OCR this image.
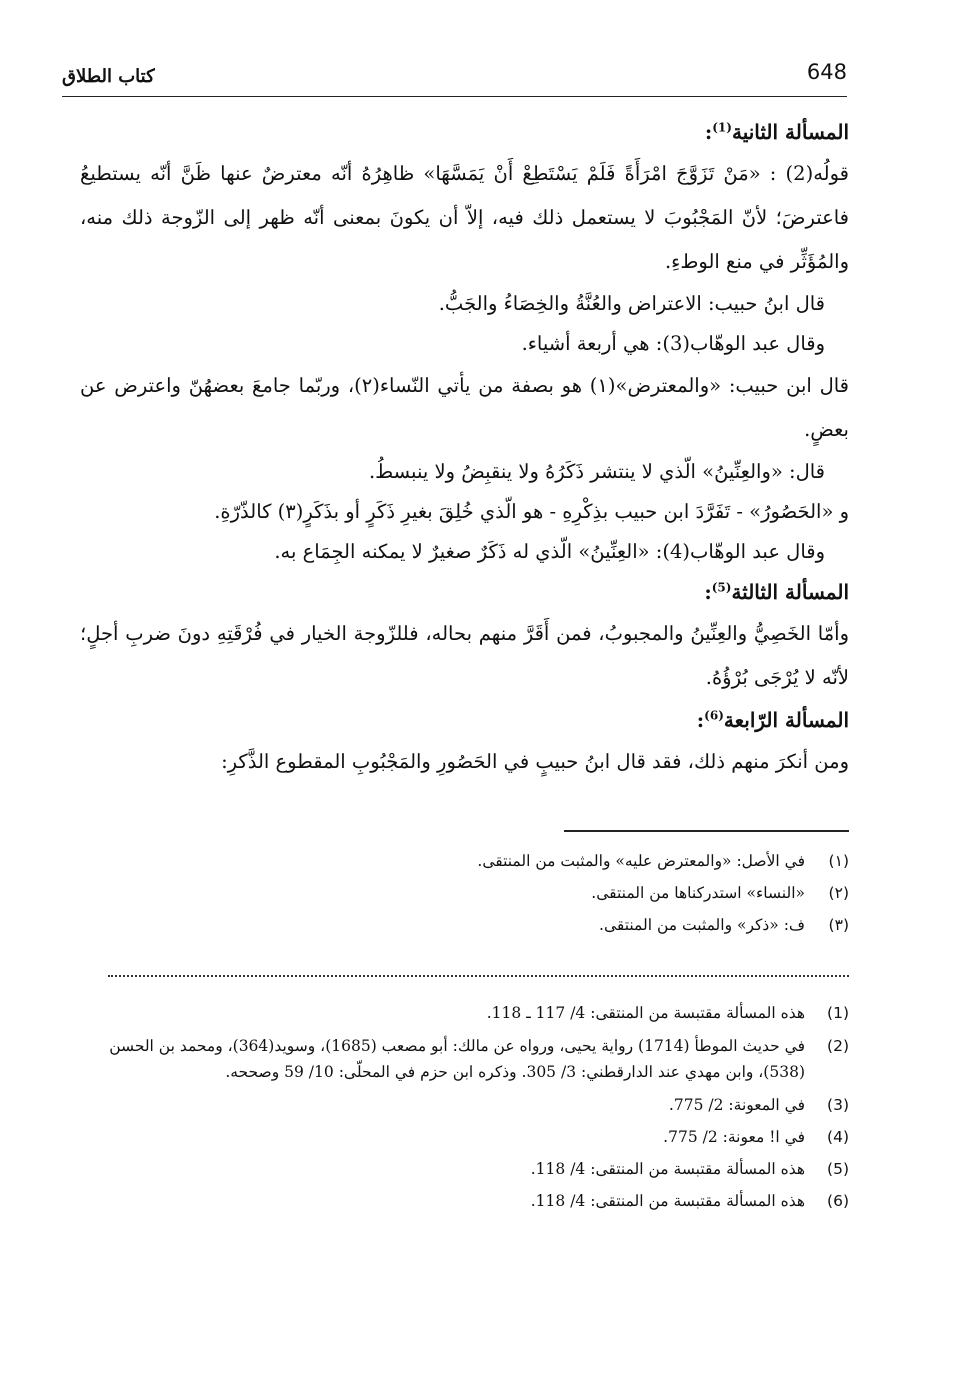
648
كتاب الطلاق
المسألة الثانية$^{(1)}$:
قولُه(2) : «مَنْ تَزَوَّجَ امْرَأَةً فَلَمْ يَسْتَطِعْ أَنْ يَمَسَّهَا» ظاهِرُهُ أنّه معترضٌ عنها ظَنَّ أنّه يستطيعُ فاعترضَ؛ لأنّ المَجْبُوبَ لا يستعمل ذلك فيه، إلاّ أن يكونَ بمعنى أنّه ظهر إلى الزّوجة ذلك منه، والمُؤَثِّر في منع الوطءِ.
قال ابنُ حبيب: الاعتراض والعُنَّةُ والخِصَاءُ والجَبُّ.
وقال عبد الوهّاب(3): هي أربعة أشياء.
قال ابن حبيب: «والمعترض»(١) هو بصفة من يأتي النّساء(٢)، وربّما جامعَ بعضهُنّ واعترض عن بعضٍ.
قال: «والعِنِّينُ» الّذي لا ينتشر ذَكَرُهُ ولا ينقبِضُ ولا ينبسطُ.
و «الحَصُورُ» - تَفَرَّدَ ابن حبيب بذِكْرِهِ - هو الّذي خُلِقَ بغيرِ ذَكَرٍ أو بذَكَرٍ(٣) كالذّرّةِ.
وقال عبد الوهّاب(4): «العِنِّينُ» الّذي له ذَكَرٌ صغيرٌ لا يمكنه الجِمَاع به.
المسألة الثالثة$^{(5)}$:
وأمّا الخَصِيُّ والعِنِّينُ والمجبوبُ، فمن أَقَرَّ منهم بحاله، فللزّوجة الخيار في فُرْقَتِهِ دونَ ضربِ أجلٍ؛ لأنّه لا يُرْجَى بُرْؤُهُ.
المسألة الرّابعة$^{(6)}$:
ومن أنكرَ منهم ذلك، فقد قال ابنُ حبيبٍ في الحَصُورِ والمَجْبُوبِ المقطوع الذَّكرِ:
(١)
في الأصل: «والمعترض عليه» والمثبت من المنتقى.
(٢)
«النساء» استدركناها من المنتقى.
(٣)
ف: «ذكر» والمثبت من المنتقى.
(1)
هذه المسألة مقتبسة من المنتقى: 4/ 117 ـ 118.
(2)
في حديث الموطأ (1714) رواية يحيى، ورواه عن مالك: أبو مصعب (1685)، وسويد(364)، ومحمد بن الحسن (538)، وابن مهدي عند الدارقطني: 3/ 305. وذكره ابن حزم في المحلّى: 10/ 59 وصححه.
(3)
في المعونة: 2/ 775.
(4)
في ا! معونة: 2/ 775.
(5)
هذه المسألة مقتبسة من المنتقى: 4/ 118.
(6)
هذه المسألة مقتبسة من المنتقى: 4/ 118.
